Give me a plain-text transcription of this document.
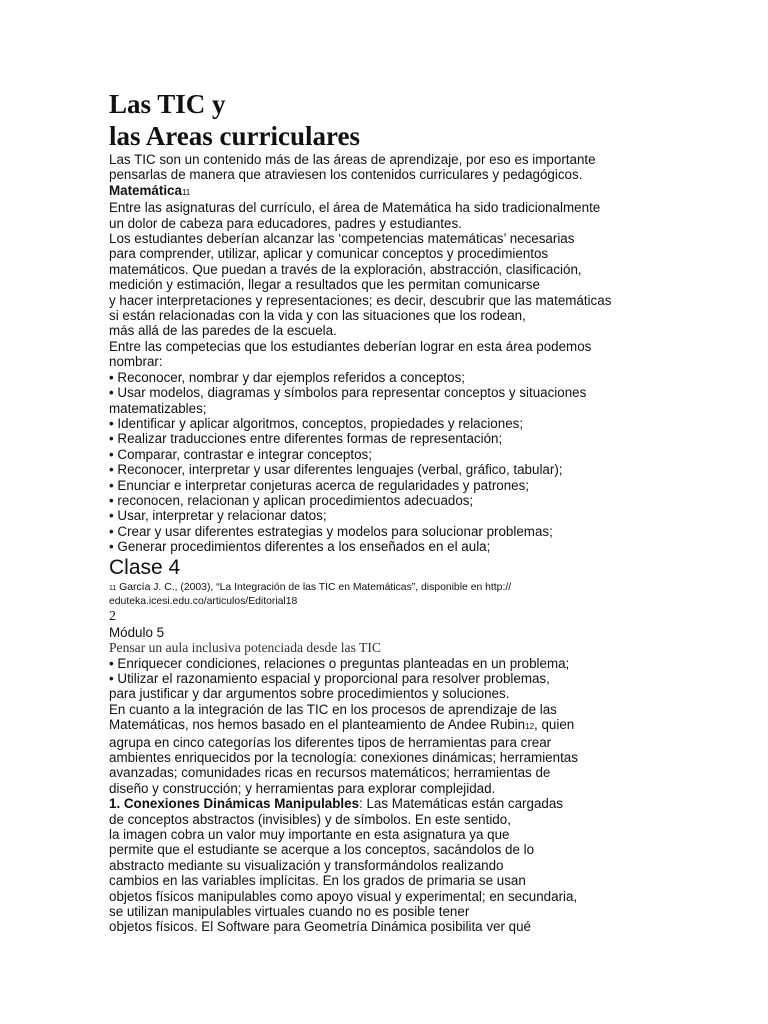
Las TIC y
las Areas curriculares
Las TIC son un contenido más de las áreas de aprendizaje, por eso es importante
pensarlas de manera que atraviesen los contenidos curriculares y pedagógicos.
Matemática11
Entre las asignaturas del currículo, el área de Matemática ha sido tradicionalmente
un dolor de cabeza para educadores, padres y estudiantes.
Los estudiantes deberían alcanzar las ‘competencias matemáticas’ necesarias
para comprender, utilizar, aplicar y comunicar conceptos y procedimientos
matemáticos. Que puedan a través de la exploración, abstracción, clasificación,
medición y estimación, llegar a resultados que les permitan comunicarse
y hacer interpretaciones y representaciones; es decir, descubrir que las matemáticas
si están relacionadas con la vida y con las situaciones que los rodean,
más allá de las paredes de la escuela.
Entre las competecias que los estudiantes deberían lograr en esta área podemos
nombrar:
• Reconocer, nombrar y dar ejemplos referidos a conceptos;
• Usar modelos, diagramas y símbolos para representar conceptos y situaciones
matematizables;
• Identificar y aplicar algoritmos, conceptos, propiedades y relaciones;
• Realizar traducciones entre diferentes formas de representación;
• Comparar, contrastar e integrar conceptos;
• Reconocer, interpretar y usar diferentes lenguajes (verbal, gráfico, tabular);
• Enunciar e interpretar conjeturas acerca de regularidades y patrones;
• reconocen, relacionan y aplican procedimientos adecuados;
• Usar, interpretar y relacionar datos;
• Crear y usar diferentes estrategias y modelos para solucionar problemas;
• Generar procedimientos diferentes a los enseñados en el aula;
Clase 4
11 García J. C., (2003), “La Integración de las TIC en Matemáticas”, disponible en http://
eduteka.icesi.edu.co/articulos/Editorial18
2
Módulo 5
Pensar un aula inclusiva potenciada desde las TIC
• Enriquecer condiciones, relaciones o preguntas planteadas en un problema;
• Utilizar el razonamiento espacial y proporcional para resolver problemas,
para justificar y dar argumentos sobre procedimientos y soluciones.
En cuanto a la integración de las TIC en los procesos de aprendizaje de las
Matemáticas, nos hemos basado en el planteamiento de Andee Rubin12, quien
agrupa en cinco categorías los diferentes tipos de herramientas para crear
ambientes enriquecidos por la tecnología: conexiones dinámicas; herramientas
avanzadas; comunidades ricas en recursos matemáticos; herramientas de
diseño y construcción; y herramientas para explorar complejidad.
1. Conexiones Dinámicas Manipulables: Las Matemáticas están cargadas
de conceptos abstractos (invisibles) y de símbolos. En este sentido,
la imagen cobra un valor muy importante en esta asignatura ya que
permite que el estudiante se acerque a los conceptos, sacándolos de lo
abstracto mediante su visualización y transformándolos realizando
cambios en las variables implícitas. En los grados de primaria se usan
objetos físicos manipulables como apoyo visual y experimental; en secundaria,
se utilizan manipulables virtuales cuando no es posible tener
objetos físicos. El Software para Geometría Dinámica posibilita ver qué
